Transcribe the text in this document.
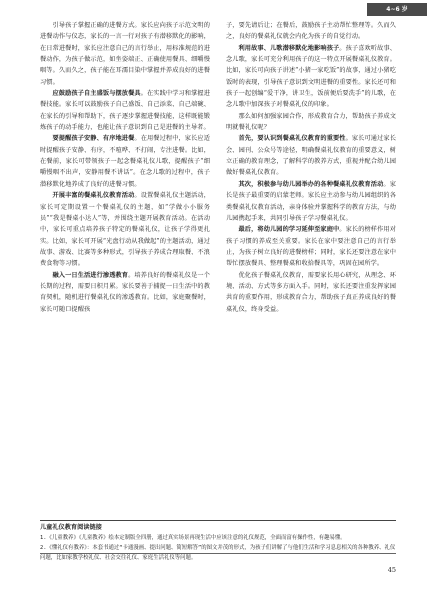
4~6 岁

引导孩子掌握正确的进餐方式。家长应向孩子示范文明的进餐动作与仪态，家长的一言一行对孩子有潜移默化的影响，在日常进餐时，家长应注意自己的言行举止，用标准规范的进餐动作，为孩子做示范，如坐姿端正、正确使用餐具、细嚼慢咽等。久而久之，孩子能在耳濡目染中掌握并养成良好的进餐习惯。

应鼓励孩子自主盛饭与摆放餐具。在实践中学习和掌握进餐技能。家长可以鼓励孩子自己盛饭、自己添菜、自己端碗、在家长的引导和帮助下，孩子逐步掌握进餐技能，这样既能锻炼孩子的动手能力，也能让孩子意识到自己是进餐的主导者。

要提醒孩子安静、有序地进餐。在用餐过程中，家长应适时提醒孩子安静、有序，不喧哗、不打闹，专注进餐。比如，在餐前，家长可带领孩子一起念餐桌礼仪儿歌，提醒孩子“细嚼慢咽不出声，安静用餐不讲话”。在念儿歌的过程中，孩子潜移默化地养成了良好的进餐习惯。

开展丰富的餐桌礼仪教育活动。设置餐桌礼仪主题活动，家长可定期设置一个餐桌礼仪的主题，如“学做小小服务员”“我是餐桌小达人”等，并围绕主题开展教育活动。在活动中，家长可重点培养孩子特定的餐桌礼仪，让孩子学得更扎实。比如，家长可开展“光盘行动从我做起”的主题活动，通过故事、游戏、比赛等多种形式，引导孩子养成合理取餐、不浪费食物等习惯。

融入一日生活进行渗透教育。培养良好的餐桌礼仪是一个长期的过程，需要日积月累。家长要善于捕捉一日生活中的教育契机，随机进行餐桌礼仪的渗透教育。比如，家庭聚餐时，家长可随口提醒孩

子，要先请后让；在餐后，鼓励孩子主动帮忙整理等。久而久之，良好的餐桌礼仪就会内化为孩子的自觉行动。

利用故事、儿歌潜移默化地影响孩子。孩子喜欢听故事、念儿歌，家长可充分利用孩子的这一特点开展餐桌礼仪教育。比如，家长可向孩子讲述“小猪一家吃饭”的故事，通过小猪吃饭时的表现，引导孩子意识到文明进餐的重要性。家长还可和孩子一起创编“爱干净，讲卫生，饭前便后要洗手”的儿歌，在念儿歌中加深孩子对餐桌礼仪的印象。

那么如何加强家园合作，形成教育合力，帮助孩子养成文明就餐礼仪呢？

首先，要认识到餐桌礼仪教育的重要性。家长可通过家长会、园刊、公众号等途径，明确餐桌礼仪教育的重要意义，树立正确的教育理念，了解科学的教养方式，重视并配合幼儿园做好餐桌礼仪教育。

其次，积极参与幼儿园举办的各种餐桌礼仪教育活动。家长是孩子最重要的启蒙老师。家长应主动参与幼儿园组织的各类餐桌礼仪教育活动，亲身体验并掌握科学的教育方法，与幼儿园携起手来，共同引导孩子学习餐桌礼仪。

最后，将幼儿园的学习延伸至家庭中。家长的榜样作用对孩子习惯的养成至关重要。家长在家中要注意自己的言行举止，为孩子树立良好的进餐榜样；同时，家长还要注意在家中帮忙摆放餐具、整理餐桌和收拾餐具等，巩固在园所学。

优化孩子餐桌礼仪教育，需要家长用心研究，从理念、环境、活动、方式等多方面入手。同时，家长还要注重发挥家园共育的重要作用，形成教育合力，帮助孩子真正养成良好的餐桌礼仪，终身受益。

儿童礼仪教育阅读链接
1.《儿童教养》《儿童教养》绘本定制版全四册，通过真实场景再现生活中应该注意的礼仪规范，全面而富有操作性，有趣易懂。
2.《懂礼仪有教养》：本套书通过“卡通漫画、提出问题、简短解答”的图文并茂的形式，为孩子们讲解了与他们生活和学习息息相关的各种教养、礼仪问题，比如家教学校礼仪、社会交往礼仪、家庭生活礼仪等问题。
45
